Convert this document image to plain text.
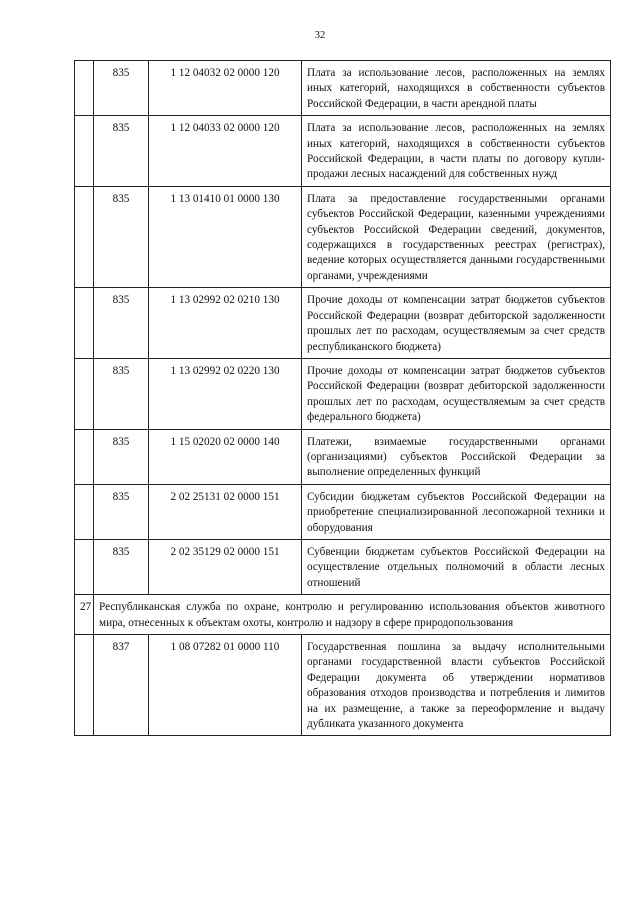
32
	835	1 12 04032 02 0000 120	Плата за использование лесов, расположенных на землях иных категорий, находящихся в собственности субъектов Российской Федерации, в части арендной платы
	835	1 12 04033 02 0000 120	Плата за использование лесов, расположенных на землях иных категорий, находящихся в собственности субъектов Российской Федерации, в части платы по договору купли-продажи лесных насаждений для собственных нужд
	835	1 13 01410 01 0000 130	Плата за предоставление государственными органами субъектов Российской Федерации, казенными учреждениями субъектов Российской Федерации сведений, документов, содержащихся в государственных реестрах (регистрах), ведение которых осуществляется данными государственными органами, учреждениями
	835	1 13 02992 02 0210 130	Прочие доходы от компенсации затрат бюджетов субъектов Российской Федерации (возврат дебиторской задолженности прошлых лет по расходам, осуществляемым за счет средств республиканского бюджета)
	835	1 13 02992 02 0220 130	Прочие доходы от компенсации затрат бюджетов субъектов Российской Федерации (возврат дебиторской задолженности прошлых лет по расходам, осуществляемым за счет средств федерального бюджета)
	835	1 15 02020 02 0000 140	Платежи, взимаемые государственными органами (организациями) субъектов Российской Федерации за выполнение определенных функций
	835	2 02 25131 02 0000 151	Субсидии бюджетам субъектов Российской Федерации на приобретение специализированной лесопожарной техники и оборудования
	835	2 02 35129 02 0000 151	Субвенции бюджетам субъектов Российской Федерации на осуществление отдельных полномочий в области лесных отношений
27	Республиканская служба по охране, контролю и регулированию использования объектов животного мира, отнесенных к объектам охоты, контролю и надзору в сфере природопользования		
	837	1 08 07282 01 0000 110	Государственная пошлина за выдачу исполнительными органами государственной власти субъектов Российской Федерации документа об утверждении нормативов образования отходов производства и потребления и лимитов на их размещение, а также за переоформление и выдачу дубликата указанного документа
